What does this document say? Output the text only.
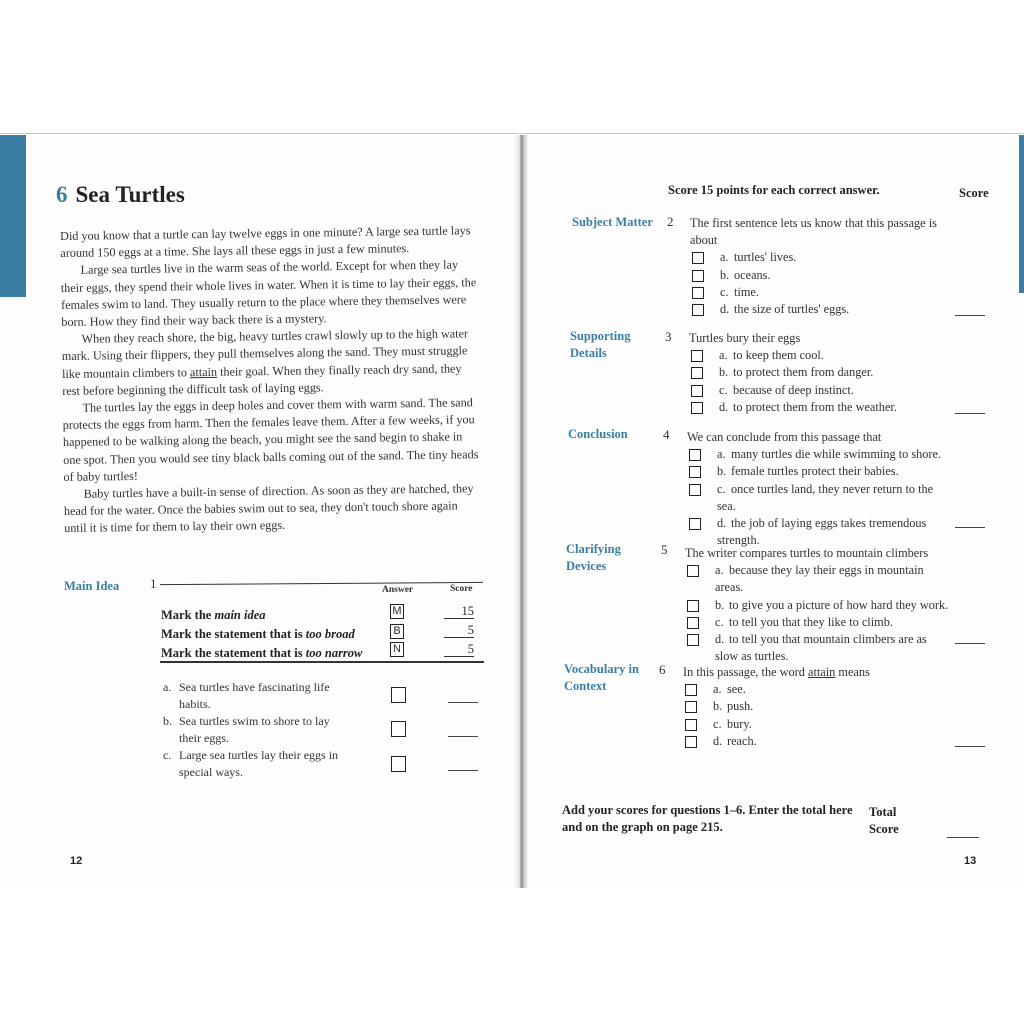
6 Sea Turtles

Did you know that a turtle can lay twelve eggs in one minute? A large sea turtle lays around 150 eggs at a time. She lays all these eggs in just a few minutes.

Large sea turtles live in the warm seas of the world. Except for when they lay their eggs, they spend their whole lives in water. When it is time to lay their eggs, the females swim to land. They usually return to the place where they themselves were born. How they find their way back there is a mystery.

When they reach shore, the big, heavy turtles crawl slowly up to the high water mark. Using their flippers, they pull themselves along the sand. They must struggle like mountain climbers to attain their goal. When they finally reach dry sand, they rest before beginning the difficult task of laying eggs.

The turtles lay the eggs in deep holes and cover them with warm sand. The sand protects the eggs from harm. Then the females leave them. After a few weeks, if you happened to be walking along the beach, you might see the sand begin to shake in one spot. Then you would see tiny black balls coming out of the sand. The tiny heads of baby turtles!

Baby turtles have a built-in sense of direction. As soon as they are hatched, they head for the water. Once the babies swim out to sea, they don't touch shore again until it is time for them to lay their own eggs.

Main Idea 1	Answer	Score
Mark the main idea	M	15
Mark the statement that is too broad	B	5
Mark the statement that is too narrow	N	5
a. Sea turtles have fascinating life
habits.
b. Sea turtles swim to shore to lay
their eggs.
c. Large sea turtles lay their eggs in
special ways.
12
Score 15 points for each correct answer.	Score
Subject Matter	2 The first sentence lets us know that this passage is about

a. turtles' lives.

b. oceans.

c. time.

d. the size of turtles' eggs.

Supporting Details
3 Turtles bury their eggs

a. to keep them cool.

b. to protect them from danger.

c. because of deep instinct.

d. to protect them from the weather.

Conclusion	4 We can conclude from this passage that

a. many turtles die while swimming to shore.

b. female turtles protect their babies.

c. once turtles land, they never return to the sea.

d. the job of laying eggs takes tremendous strength.

Clarifying Devices
5 The writer compares turtles to mountain climbers

a. because they lay their eggs in mountain areas.

b. to give you a picture of how hard they work.

c. to tell you that they like to climb.

d. to tell you that mountain climbers are as slow as turtles.

Vocabulary in Context
6 In this passage, the word attain means

a. see.

b. push.

c. bury.

d. reach.

Add your scores for questions 1–6. Enter the total here and on the graph on page 215.
Total Score
13
